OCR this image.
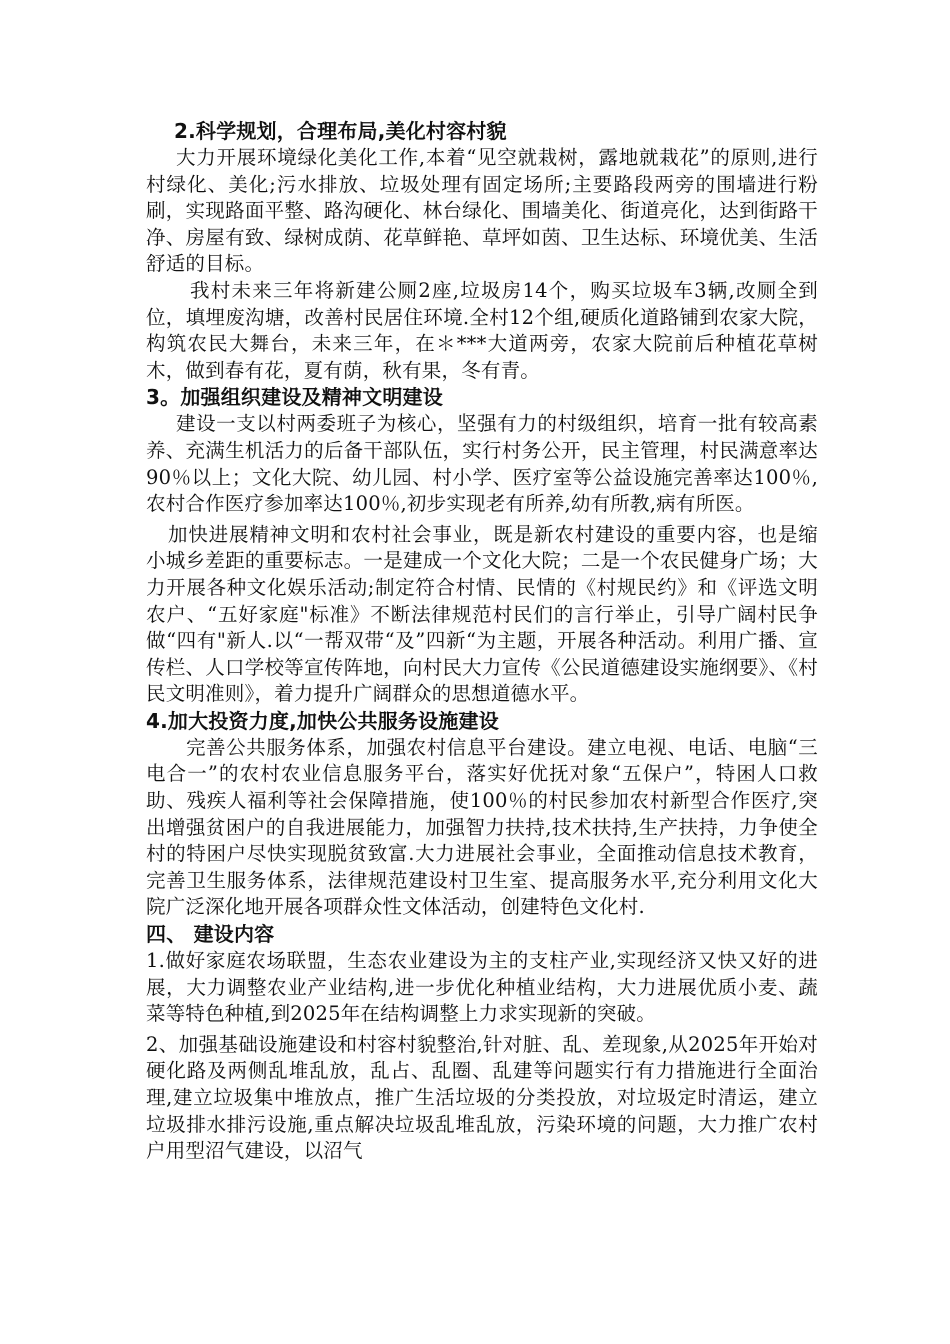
2.科学规划，合理布局,美化村容村貌

大力开展环境绿化美化工作,本着“见空就栽树，露地就栽花”的原则,进行村绿化、美化;污水排放、垃圾处理有固定场所;主要路段两旁的围墙进行粉刷，实现路面平整、路沟硬化、林台绿化、围墙美化、街道亮化，达到街路干净、房屋有致、绿树成荫、花草鲜艳、草坪如茵、卫生达标、环境优美、生活舒适的目标。

我村未来三年将新建公厕2座,垃圾房14个，购买垃圾车3辆,改厕全到位，填埋废沟塘，改善村民居住环境.全村12个组,硬质化道路铺到农家大院，构筑农民大舞台，未来三年，在＊***大道两旁，农家大院前后种植花草树木，做到春有花，夏有荫，秋有果，冬有青。

3。加强组织建设及精神文明建设

建设一支以村两委班子为核心，坚强有力的村级组织，培育一批有较高素养、充满生机活力的后备干部队伍，实行村务公开，民主管理，村民满意率达90％以上；文化大院、幼儿园、村小学、医疗室等公益设施完善率达100％,农村合作医疗参加率达100％,初步实现老有所养,幼有所教,病有所医。

加快进展精神文明和农村社会事业，既是新农村建设的重要内容，也是缩小城乡差距的重要标志。一是建成一个文化大院；二是一个农民健身广场；大力开展各种文化娱乐活动;制定符合村情、民情的《村规民约》和《评选文明农户、“五好家庭"标准》不断法律规范村民们的言行举止，引导广阔村民争做“四有"新人.以“一帮双带“及”四新“为主题，开展各种活动。利用广播、宣传栏、人口学校等宣传阵地，向村民大力宣传《公民道德建设实施纲要》、《村民文明准则》，着力提升广阔群众的思想道德水平。

4.加大投资力度,加快公共服务设施建设

完善公共服务体系，加强农村信息平台建设。建立电视、电话、电脑“三电合一”的农村农业信息服务平台，落实好优抚对象“五保户”，特困人口救助、残疾人福利等社会保障措施，使100％的村民参加农村新型合作医疗,突出增强贫困户的自我进展能力，加强智力扶持,技术扶持,生产扶持，力争使全村的特困户尽快实现脱贫致富.大力进展社会事业，全面推动信息技术教育，完善卫生服务体系，法律规范建设村卫生室、提高服务水平,充分利用文化大院广泛深化地开展各项群众性文体活动，创建特色文化村.

四、 建设内容

1.做好家庭农场联盟，生态农业建设为主的支柱产业,实现经济又快又好的进展，大力调整农业产业结构,进一步优化种植业结构，大力进展优质小麦、蔬菜等特色种植,到2025年在结构调整上力求实现新的突破。

2、加强基础设施建设和村容村貌整治,针对脏、乱、差现象,从2025年开始对硬化路及两侧乱堆乱放，乱占、乱圈、乱建等问题实行有力措施进行全面治理,建立垃圾集中堆放点，推广生活垃圾的分类投放，对垃圾定时清运，建立垃圾排水排污设施,重点解决垃圾乱堆乱放，污染环境的问题，大力推广农村户用型沼气建设，以沼气
